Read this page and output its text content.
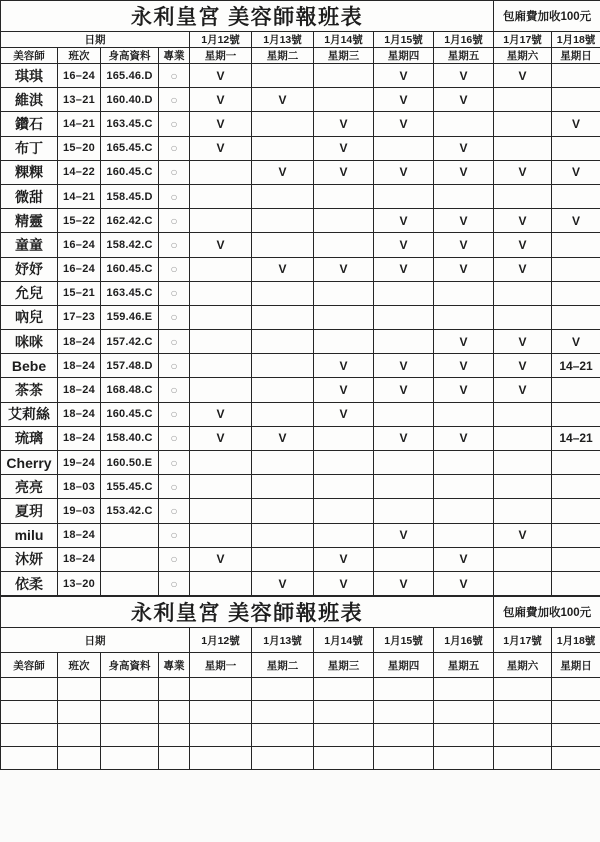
永利皇宮 美容師報班表									包廂費加收100元	
日期				1月12號	1月13號	1月14號	1月15號	1月16號	1月17號	1月18號
美容師	班次	身高資料	專業	星期一	星期二	星期三	星期四	星期五	星期六	星期日
琪琪	16–24	165.46.D	○	V			V	V	V	
維淇	13–21	160.40.D	○	V	V		V	V		
鑽石	14–21	163.45.C	○	V		V	V			V
布丁	15–20	165.45.C	○	V		V		V		
粿粿	14–22	160.45.C	○		V	V	V	V	V	V
微甜	14–21	158.45.D	○							
精靈	15–22	162.42.C	○				V	V	V	V
童童	16–24	158.42.C	○	V			V	V	V	
妤妤	16–24	160.45.C	○		V	V	V	V	V	
允兒	15–21	163.45.C	○							
吶兒	17–23	159.46.E	○							
咪咪	18–24	157.42.C	○					V	V	V
Bebe	18–24	157.48.D	○			V	V	V	V	14–21
茶茶	18–24	168.48.C	○			V	V	V	V	
艾莉絲	18–24	160.45.C	○	V		V				
琉璃	18–24	158.40.C	○	V	V		V	V		14–21
Cherry	19–24	160.50.E	○							
亮亮	18–03	155.45.C	○							
夏玥	19–03	153.42.C	○							
milu	18–24		○				V		V	
沐妍	18–24		○	V		V		V		
依柔	13–20		○		V	V	V	V		
永利皇宮 美容師報班表									包廂費加收100元	
日期				1月12號	1月13號	1月14號	1月15號	1月16號	1月17號	1月18號
美容師	班次	身高資料	專業	星期一	星期二	星期三	星期四	星期五	星期六	星期日
